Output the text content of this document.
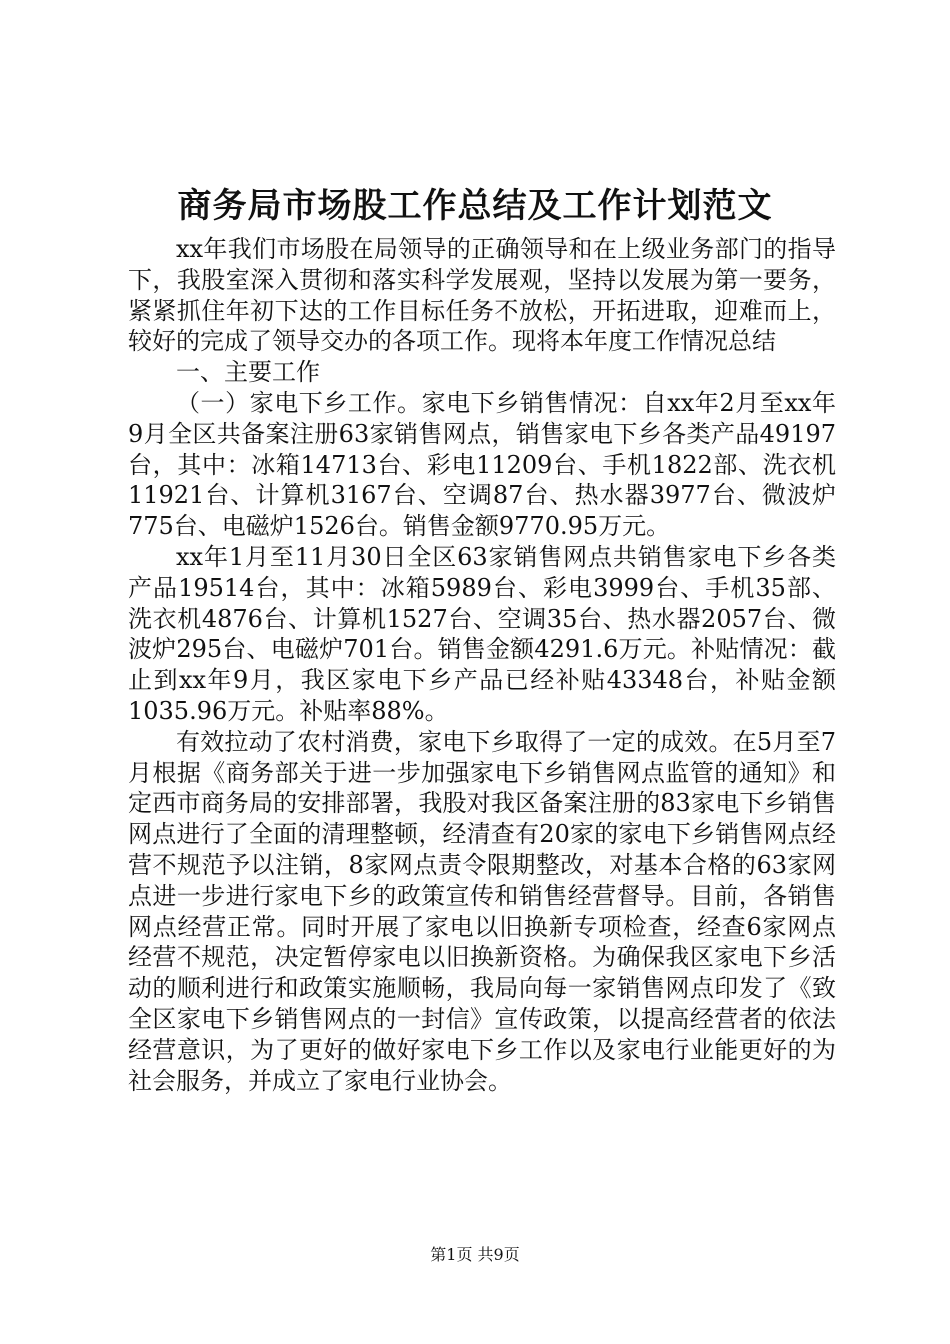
商务局市场股工作总结及工作计划范文

xx年我们市场股在局领导的正确领导和在上级业务部门的指导下，我股室深入贯彻和落实科学发展观，坚持以发展为第一要务，紧紧抓住年初下达的工作目标任务不放松，开拓进取，迎难而上，较好的完成了领导交办的各项工作。现将本年度工作情况总结

一、主要工作

（一）家电下乡工作。家电下乡销售情况：自xx年2月至xx年9月全区共备案注册63家销售网点，销售家电下乡各类产品49197台，其中：冰箱14713台、彩电11209台、手机1822部、洗衣机11921台、计算机3167台、空调87台、热水器3977台、微波炉775台、电磁炉1526台。销售金额9770.95万元。

xx年1月至11月30日全区63家销售网点共销售家电下乡各类产品19514台，其中：冰箱5989台、彩电3999台、手机35部、洗衣机4876台、计算机1527台、空调35台、热水器2057台、微波炉295台、电磁炉701台。销售金额4291.6万元。补贴情况：截止到xx年9月，我区家电下乡产品已经补贴43348台，补贴金额1035.96万元。补贴率88%。

有效拉动了农村消费，家电下乡取得了一定的成效。在5月至7月根据《商务部关于进一步加强家电下乡销售网点监管的通知》和定西市商务局的安排部署，我股对我区备案注册的83家电下乡销售网点进行了全面的清理整顿，经清查有20家的家电下乡销售网点经营不规范予以注销，8家网点责令限期整改，对基本合格的63家网点进一步进行家电下乡的政策宣传和销售经营督导。目前，各销售网点经营正常。同时开展了家电以旧换新专项检查，经查6家网点经营不规范，决定暂停家电以旧换新资格。为确保我区家电下乡活动的顺利进行和政策实施顺畅，我局向每一家销售网点印发了《致全区家电下乡销售网点的一封信》宣传政策，以提高经营者的依法经营意识，为了更好的做好家电下乡工作以及家电行业能更好的为社会服务，并成立了家电行业协会。

第1页 共9页
